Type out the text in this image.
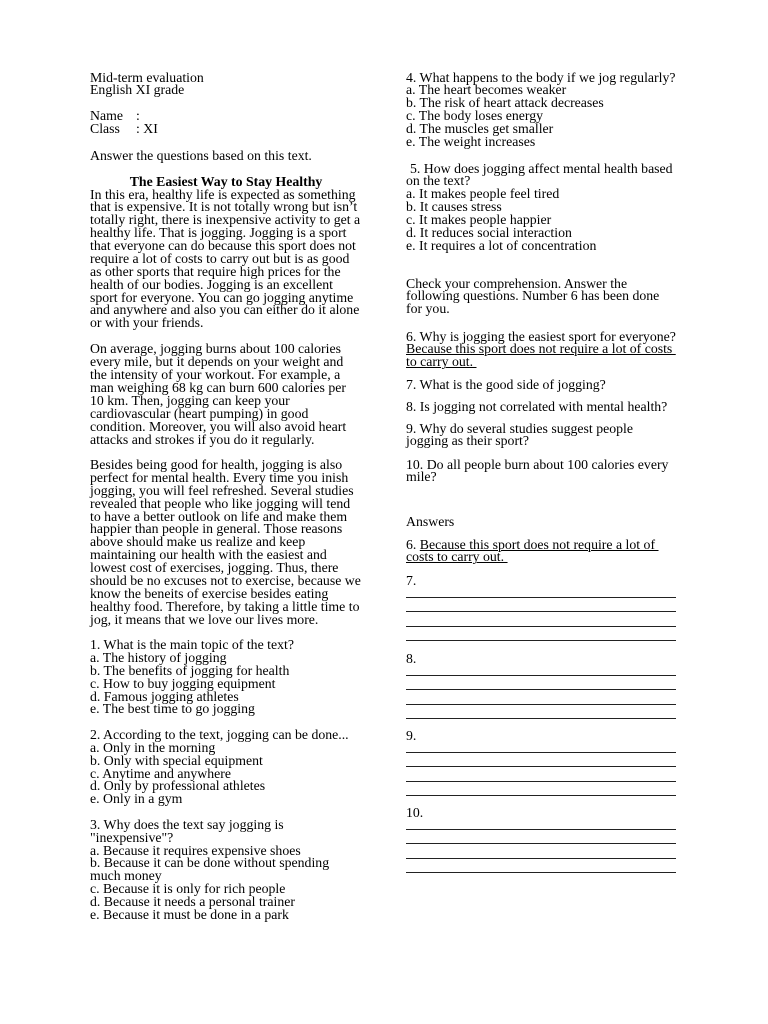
Mid-term evaluation
English XI grade
Name :
Class : XI
Answer the questions based on this text.
The Easiest Way to Stay Healthy
In this era, healthy life is expected as something
that is expensive. It is not totally wrong but isn’t
totally right, there is inexpensive activity to get a
healthy life. That is jogging. Jogging is a sport
that everyone can do because this sport does not
require a lot of costs to carry out but is as good
as other sports that require high prices for the
health of our bodies. Jogging is an excellent
sport for everyone. You can go jogging anytime
and anywhere and also you can either do it alone
or with your friends.
On average, jogging burns about 100 calories
every mile, but it depends on your weight and
the intensity of your workout. For example, a
man weighing 68 kg can burn 600 calories per
10 km. Then, jogging can keep your
cardiovascular (heart pumping) in good
condition. Moreover, you will also avoid heart
attacks and strokes if you do it regularly.
Besides being good for health, jogging is also
perfect for mental health. Every time you inish
jogging, you will feel refreshed. Several studies
revealed that people who like jogging will tend
to have a better outlook on life and make them
happier than people in general. Those reasons
above should make us realize and keep
maintaining our health with the easiest and
lowest cost of exercises, jogging. Thus, there
should be no excuses not to exercise, because we
know the beneits of exercise besides eating
healthy food. Therefore, by taking a little time to
jog, it means that we love our lives more.
1. What is the main topic of the text?
a. The history of jogging
b. The benefits of jogging for health
c. How to buy jogging equipment
d. Famous jogging athletes
e. The best time to go jogging
2. According to the text, jogging can be done...
a. Only in the morning
b. Only with special equipment
c. Anytime and anywhere
d. Only by professional athletes
e. Only in a gym
3. Why does the text say jogging is
"inexpensive"?
a. Because it requires expensive shoes
b. Because it can be done without spending
much money
c. Because it is only for rich people
d. Because it needs a personal trainer
e. Because it must be done in a park
4. What happens to the body if we jog regularly?
a. The heart becomes weaker
b. The risk of heart attack decreases
c. The body loses energy
d. The muscles get smaller
e. The weight increases
5. How does jogging affect mental health based
on the text?
a. It makes people feel tired
b. It causes stress
c. It makes people happier
d. It reduces social interaction
e. It requires a lot of concentration
Check your comprehension. Answer the
following questions. Number 6 has been done
for you.
6. Why is jogging the easiest sport for everyone?
Because this sport does not require a lot of costs
to carry out.
7. What is the good side of jogging?
8. Is jogging not correlated with mental health?
9. Why do several studies suggest people
jogging as their sport?
10. Do all people burn about 100 calories every
mile?
Answers
6. Because this sport does not require a lot of
costs to carry out.
7.
8.
9.
10.
